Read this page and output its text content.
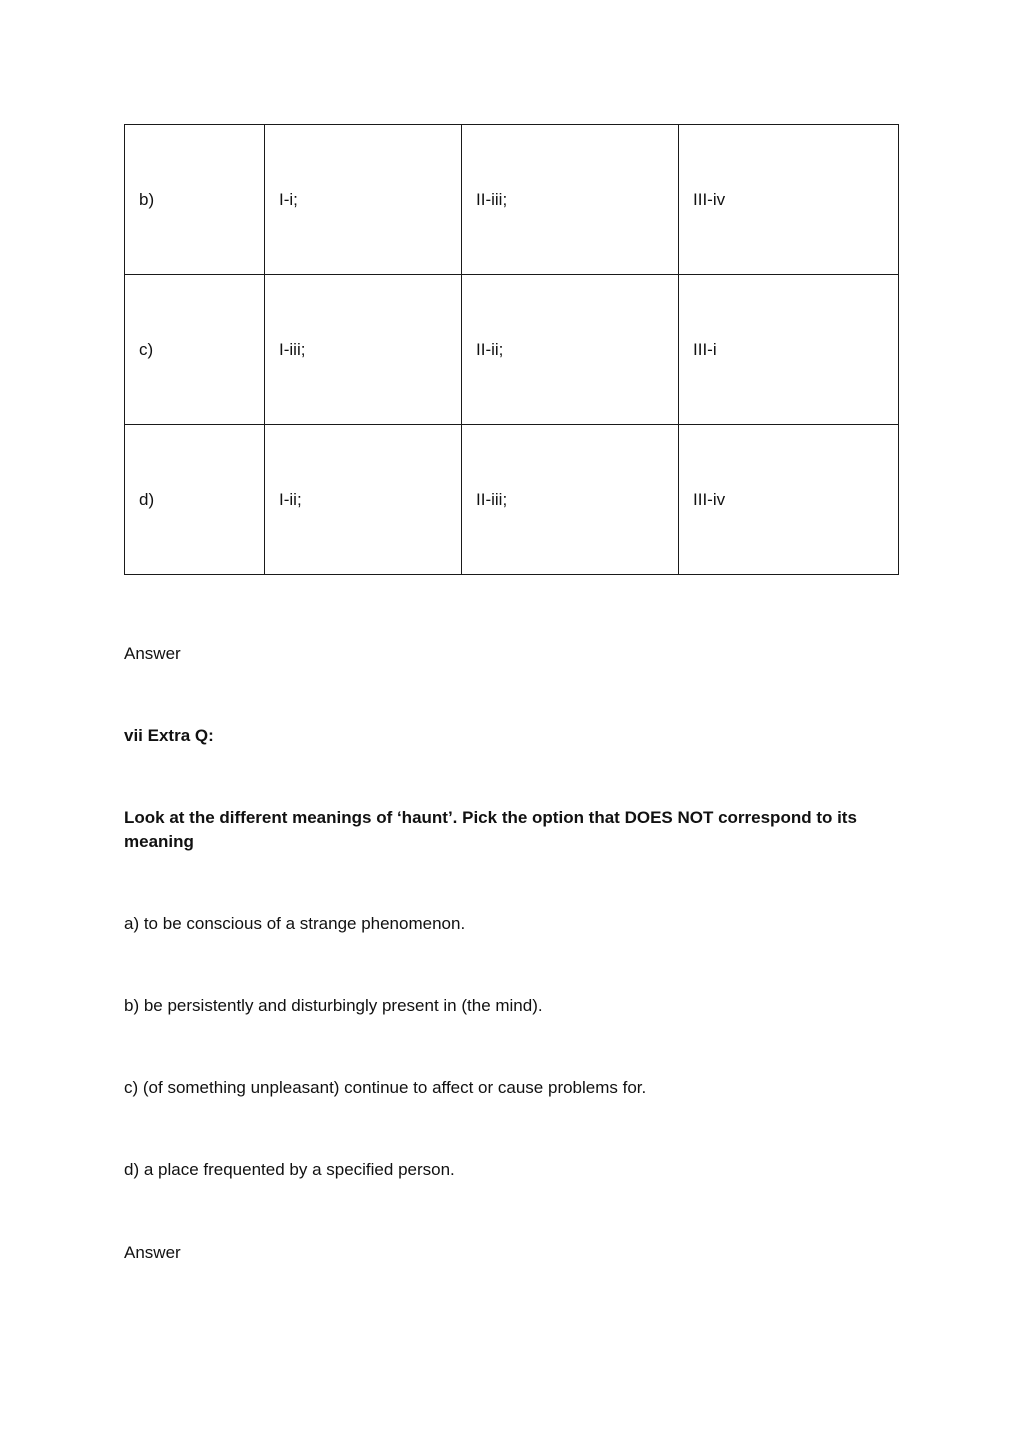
b)	I-i;	II-iii;	III-iv
c)	I-iii;	II-ii;	III-i
d)	I-ii;	II-iii;	III-iv

Answer

vii Extra Q:

Look at the different meanings of ‘haunt’. Pick the option that DOES NOT correspond to its meaning

a) to be conscious of a strange phenomenon.

b) be persistently and disturbingly present in (the mind).

c) (of something unpleasant) continue to affect or cause problems for.

d) a place frequented by a specified person.

Answer
